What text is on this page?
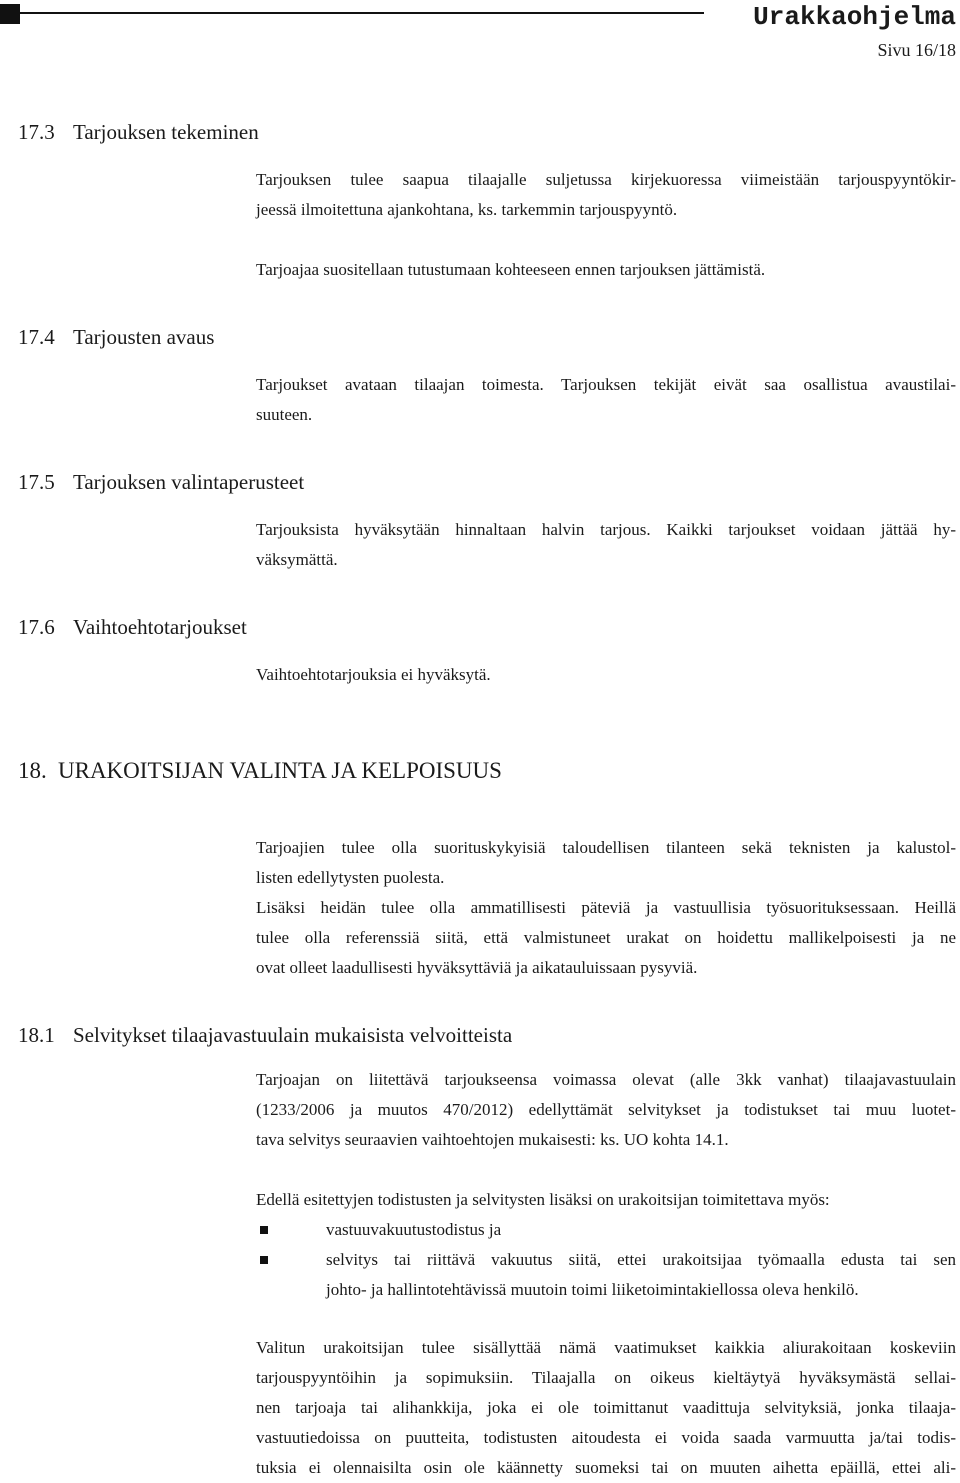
Urakkaohjelma
Sivu 16/18
17.3 Tarjouksen tekeminen
Tarjouksen tulee saapua tilaajalle suljetussa kirjekuoressa viimeistään tarjouspyyntökir-
jeessä ilmoitettuna ajankohtana, ks. tarkemmin tarjouspyyntö.
Tarjoajaa suositellaan tutustumaan kohteeseen ennen tarjouksen jättämistä.
17.4 Tarjousten avaus
Tarjoukset avataan tilaajan toimesta. Tarjouksen tekijät eivät saa osallistua avaustilai-
suuteen.
17.5 Tarjouksen valintaperusteet
Tarjouksista hyväksytään hinnaltaan halvin tarjous. Kaikki tarjoukset voidaan jättää hy-
väksymättä.
17.6 Vaihtoehtotarjoukset
Vaihtoehtotarjouksia ei hyväksytä.
18. URAKOITSIJAN VALINTA JA KELPOISUUS
Tarjoajien tulee olla suorituskykyisiä taloudellisen tilanteen sekä teknisten ja kalustol-
listen edellytysten puolesta.
Lisäksi heidän tulee olla ammatillisesti päteviä ja vastuullisia työsuorituksessaan. Heillä
tulee olla referenssiä siitä, että valmistuneet urakat on hoidettu mallikelpoisesti ja ne
ovat olleet laadullisesti hyväksyttäviä ja aikatauluissaan pysyviä.
18.1 Selvitykset tilaajavastuulain mukaisista velvoitteista
Tarjoajan on liitettävä tarjoukseensa voimassa olevat (alle 3kk vanhat) tilaajavastuulain
(1233/2006 ja muutos 470/2012) edellyttämät selvitykset ja todistukset tai muu luotet-
tava selvitys seuraavien vaihtoehtojen mukaisesti: ks. UO kohta 14.1.
Edellä esitettyjen todistusten ja selvitysten lisäksi on urakoitsijan toimitettava myös:
vastuuvakuutustodistus ja
selvitys tai riittävä vakuutus siitä, ettei urakoitsijaa työmaalla edusta tai sen
johto- ja hallintotehtävissä muutoin toimi liiketoimintakiellossa oleva henkilö.
Valitun urakoitsijan tulee sisällyttää nämä vaatimukset kaikkia aliurakoitaan koskeviin
tarjouspyyntöihin ja sopimuksiin. Tilaajalla on oikeus kieltäytyä hyväksymästä sellai-
nen tarjoaja tai alihankkija, joka ei ole toimittanut vaadittuja selvityksiä, jonka tilaaja-
vastuutiedoissa on puutteita, todistusten aitoudesta ei voida saada varmuutta ja/tai todis-
tuksia ei olennaisilta osin ole käännetty suomeksi tai on muuten aihetta epäillä, ettei ali-
